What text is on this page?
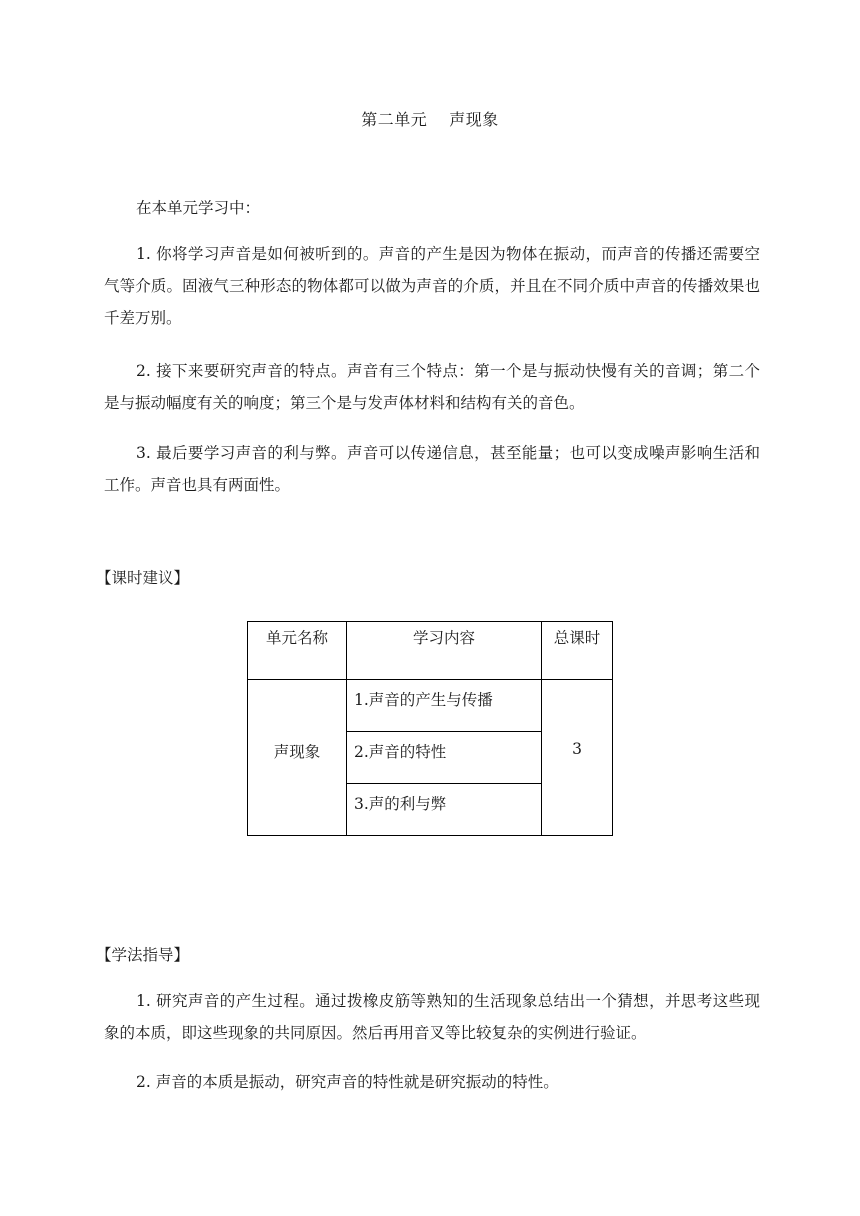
第二单元 声现象

在本单元学习中：

1. 你将学习声音是如何被听到的。声音的产生是因为物体在振动，而声音的传播还需要空气等介质。固液气三种形态的物体都可以做为声音的介质，并且在不同介质中声音的传播效果也千差万别。

2. 接下来要研究声音的特点。声音有三个特点：第一个是与振动快慢有关的音调；第二个是与振动幅度有关的响度；第三个是与发声体材料和结构有关的音色。

3. 最后要学习声音的利与弊。声音可以传递信息，甚至能量；也可以变成噪声影响生活和工作。声音也具有两面性。

【课时建议】
单元名称	学习内容	总课时
声现象	1.声音的产生与传播	3
	2.声音的特性	
	3.声的利与弊	
【学法指导】

1. 研究声音的产生过程。通过拨橡皮筋等熟知的生活现象总结出一个猜想，并思考这些现象的本质，即这些现象的共同原因。然后再用音叉等比较复杂的实例进行验证。

2. 声音的本质是振动，研究声音的特性就是研究振动的特性。
